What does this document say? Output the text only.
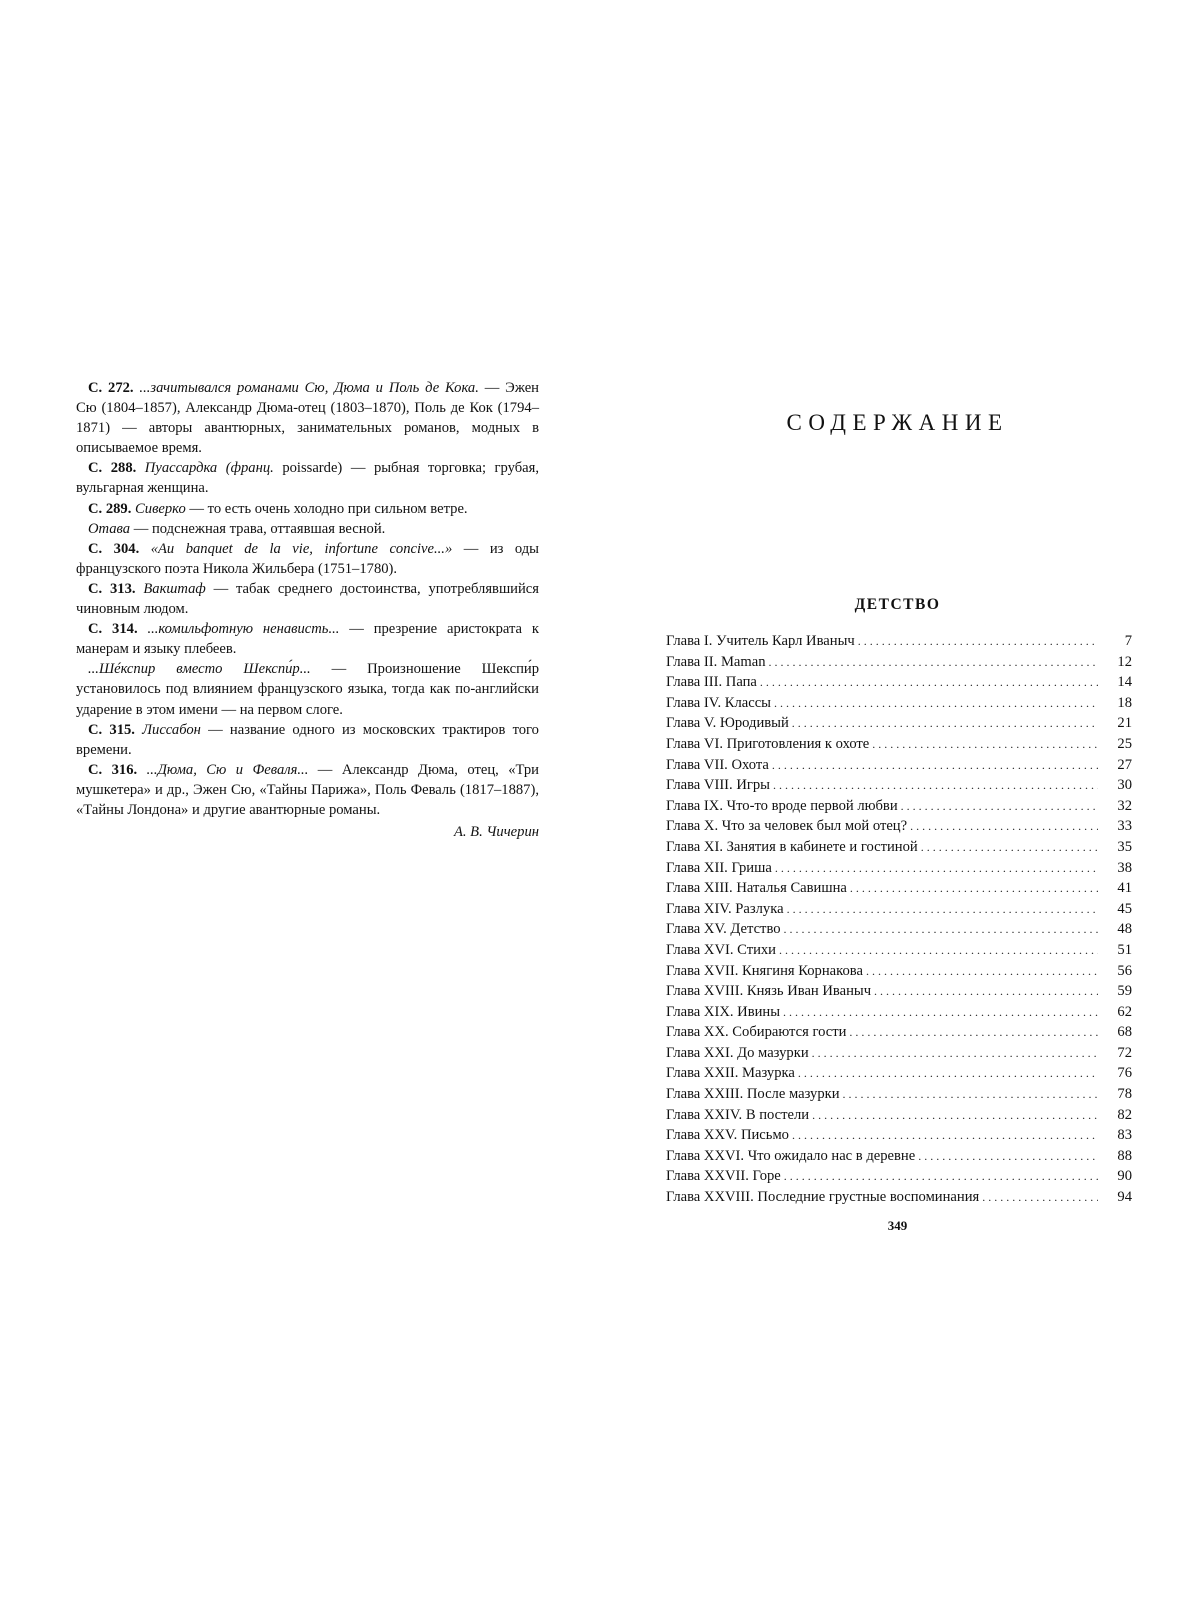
С. 272. ...зачитывался романами Сю, Дюма и Поль де Кока. — Эжен Сю (1804–1857), Александр Дюма-отец (1803–1870), Поль де Кок (1794–1871) — авторы авантюрных, занимательных романов, модных в описываемое время.

С. 288. Пуассардка (франц. poissarde) — рыбная торговка; грубая, вульгарная женщина.

С. 289. Сиверко — то есть очень холодно при сильном ветре.

Отава — подснежная трава, оттаявшая весной.

С. 304. «Au banquet de la vie, infortune concive...» — из оды французского поэта Никола Жильбера (1751–1780).

С. 313. Вакштаф — табак среднего достоинства, употреблявшийся чиновным людом.

С. 314. ...комильфотную ненависть... — презрение аристократа к манерам и языку плебеев.

...Шéкспир вместо Шекспи́р... — Произношение Шекспи́р установилось под влиянием французского языка, тогда как по-английски ударение в этом имени — на первом слоге.

С. 315. Лиссабон — название одного из московских трактиров того времени.

С. 316. ...Дюма, Сю и Феваля... — Александр Дюма, отец, «Три мушкетера» и др., Эжен Сю, «Тайны Парижа», Поль Феваль (1817–1887), «Тайны Лондона» и другие авантюрные романы.

А. В. Чичерин
СОДЕРЖАНИЕ
ДЕТСТВО
Глава I. Учитель Карл Иваныч . . .	7
Глава II. Maman . . .	12
Глава III. Папа . . .	14
Глава IV. Классы . . .	18
Глава V. Юродивый . . .	21
Глава VI. Приготовления к охоте . . .	25
Глава VII. Охота . . .	27
Глава VIII. Игры . . .	30
Глава IX. Что-то вроде первой любви . . .	32
Глава X. Что за человек был мой отец? . . .	33
Глава XI. Занятия в кабинете и гостиной . . .	35
Глава XII. Гриша . . .	38
Глава XIII. Наталья Савишна . . .	41
Глава XIV. Разлука . . .	45
Глава XV. Детство . . .	48
Глава XVI. Стихи . . .	51
Глава XVII. Княгиня Корнакова . . .	56
Глава XVIII. Князь Иван Иваныч . . .	59
Глава XIX. Ивины . . .	62
Глава XX. Собираются гости . . .	68
Глава XXI. До мазурки . . .	72
Глава XXII. Мазурка . . .	76
Глава XXIII. После мазурки . . .	78
Глава XXIV. В постели . . .	82
Глава XXV. Письмо . . .	83
Глава XXVI. Что ожидало нас в деревне . . .	88
Глава XXVII. Горе . . .	90
Глава XXVIII. Последние грустные воспоминания . . .	94
349
